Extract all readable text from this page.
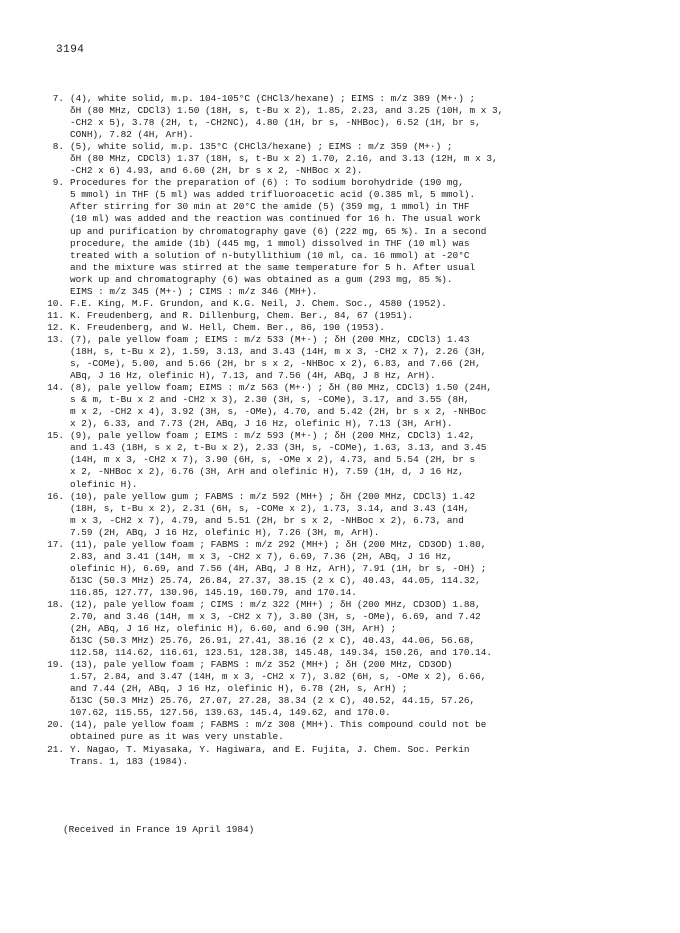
3194
7. (4), white solid, m.p. 104-105°C (CHCl3/hexane) ; EIMS : m/z 389 (M+·) ;
δH (80 MHz, CDCl3) 1.50 (18H, s, t-Bu x 2), 1.85, 2.23, and 3.25 (10H, m x 3,
-CH2 x 5), 3.78 (2H, t, -CH2NC), 4.80 (1H, br s, -NHBoc), 6.52 (1H, br s,
CONH), 7.82 (4H, ArH).
8. (5), white solid, m.p. 135°C (CHCl3/hexane) ; EIMS : m/z 359 (M+·) ;
δH (80 MHz, CDCl3) 1.37 (18H, s, t-Bu x 2) 1.70, 2.16, and 3.13 (12H, m x 3,
-CH2 x 6) 4.93, and 6.60 (2H, br s x 2, -NHBoc x 2).
9. Procedures for the preparation of (6) : To sodium borohydride (190 mg,
5 mmol) in THF (5 ml) was added trifluoroacetic acid (0.385 ml, 5 mmol).
After stirring for 30 min at 20°C the amide (5) (359 mg, 1 mmol) in THF
(10 ml) was added and the reaction was continued for 16 h. The usual work
up and purification by chromatography gave (6) (222 mg, 65 %). In a second
procedure, the amide (1b) (445 mg, 1 mmol) dissolved in THF (10 ml) was
treated with a solution of n-butyllithium (10 ml, ca. 16 mmol) at -20°C
and the mixture was stirred at the same temperature for 5 h. After usual
work up and chromatography (6) was obtained as a gum (293 mg, 85 %).
EIMS : m/z 345 (M+·) ; CIMS : m/z 346 (MH+).
10. F.E. King, M.F. Grundon, and K.G. Neil, J. Chem. Soc., 4580 (1952).
11. K. Freudenberg, and R. Dillenburg, Chem. Ber., 84, 67 (1951).
12. K. Freudenberg, and W. Hell, Chem. Ber., 86, 190 (1953).
13. (7), pale yellow foam ; EIMS : m/z 533 (M+·) ; δH (200 MHz, CDCl3) 1.43
(18H, s, t-Bu x 2), 1.59, 3.13, and 3.43 (14H, m x 3, -CH2 x 7), 2.26 (3H,
s, -COMe), 5.00, and 5.66 (2H, br s x 2, -NHBoc x 2), 6.83, and 7.66 (2H,
ABq, J 16 Hz, olefinic H), 7.13, and 7.56 (4H, ABq, J 8 Hz, ArH).
14. (8), pale yellow foam; EIMS : m/z 563 (M+·) ; δH (80 MHz, CDCl3) 1.50 (24H,
s & m, t-Bu x 2 and -CH2 x 3), 2.30 (3H, s, -COMe), 3.17, and 3.55 (8H,
m x 2, -CH2 x 4), 3.92 (3H, s, -OMe), 4.70, and 5.42 (2H, br s x 2, -NHBoc
x 2), 6.33, and 7.73 (2H, ABq, J 16 Hz, olefinic H), 7.13 (3H, ArH).
15. (9), pale yellow foam ; EIMS : m/z 593 (M+·) ; δH (200 MHz, CDCl3) 1.42,
and 1.43 (18H, s x 2, t-Bu x 2), 2.33 (3H, s, -COMe), 1.63, 3.13, and 3.45
(14H, m x 3, -CH2 x 7), 3.90 (6H, s, -OMe x 2), 4.73, and 5.54 (2H, br s
x 2, -NHBoc x 2), 6.76 (3H, ArH and olefinic H), 7.59 (1H, d, J 16 Hz,
olefinic H).
16. (10), pale yellow gum ; FABMS : m/z 592 (MH+) ; δH (200 MHz, CDCl3) 1.42
(18H, s, t-Bu x 2), 2.31 (6H, s, -COMe x 2), 1.73, 3.14, and 3.43 (14H,
m x 3, -CH2 x 7), 4.79, and 5.51 (2H, br s x 2, -NHBoc x 2), 6.73, and
7.59 (2H, ABq, J 16 Hz, olefinic H), 7.26 (3H, m, ArH).
17. (11), pale yellow foam ; FABMS : m/z 292 (MH+) ; δH (200 MHz, CD3OD) 1.80,
2.83, and 3.41 (14H, m x 3, -CH2 x 7), 6.69, 7.36 (2H, ABq, J 16 Hz,
olefinic H), 6.69, and 7.56 (4H, ABq, J 8 Hz, ArH), 7.91 (1H, br s, -OH) ;
δ13C (50.3 MHz) 25.74, 26.84, 27.37, 38.15 (2 x C), 40.43, 44.05, 114.32,
116.85, 127.77, 130.96, 145.19, 160.79, and 170.14.
18. (12), pale yellow foam ; CIMS : m/z 322 (MH+) ; δH (200 MHz, CD3OD) 1.88,
2.70, and 3.46 (14H, m x 3, -CH2 x 7), 3.80 (3H, s, -OMe), 6.69, and 7.42
(2H, ABq, J 16 Hz, olefinic H), 6.60, and 6.90 (3H, ArH) ;
δ13C (50.3 MHz) 25.76, 26.91, 27.41, 38.16 (2 x C), 40.43, 44.06, 56.68,
112.58, 114.62, 116.61, 123.51, 128.38, 145.48, 149.34, 150.26, and 170.14.
19. (13), pale yellow foam ; FABMS : m/z 352 (MH+) ; δH (200 MHz, CD3OD)
1.57, 2.84, and 3.47 (14H, m x 3, -CH2 x 7), 3.82 (6H, s, -OMe x 2), 6.66,
and 7.44 (2H, ABq, J 16 Hz, olefinic H), 6.78 (2H, s, ArH) ;
δ13C (50.3 MHz) 25.76, 27.07, 27.28, 38.34 (2 x C), 40.52, 44.15, 57.26,
107.62, 115.55, 127.56, 139.63, 145.4, 149.62, and 170.0.
20. (14), pale yellow foam ; FABMS : m/z 308 (MH+). This compound could not be
obtained pure as it was very unstable.
21. Y. Nagao, T. Miyasaka, Y. Hagiwara, and E. Fujita, J. Chem. Soc. Perkin
Trans. 1, 183 (1984).
(Received in France 19 April 1984)
